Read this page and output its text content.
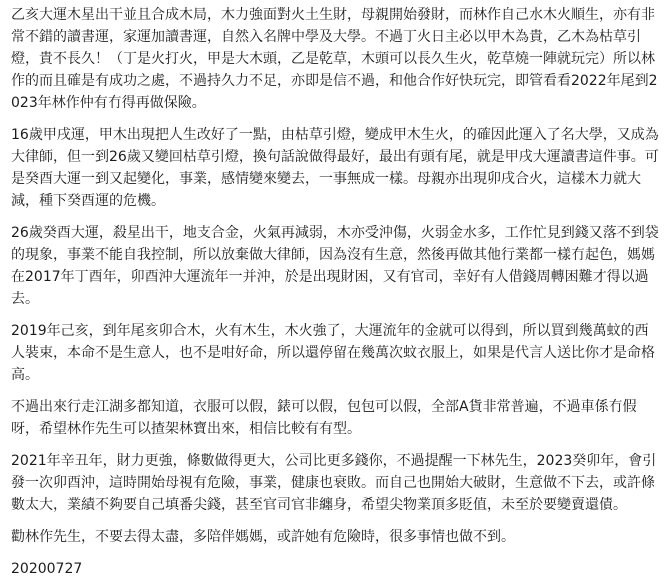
乙亥大運木星出干並且合成木局，木力強面對火土生財，母親開始發財，而林作自己水木火順生，亦有非常不錯的讀書運，家運加讀書運，自然入名牌中學及大學。不過丁火日主必以甲木為貴，乙木為枯草引燈，貴不長久！（丁是火打火，甲是大木頭，乙是乾草，木頭可以長久生火，乾草燒一陣就玩完）所以林作的而且確是有成功之處，不過持久力不足，亦即是信不過，和他合作好快玩完，即管看看2022年尾到2023年林作仲有冇得再做保險。

16歲甲戌運，甲木出現把人生改好了一點，由枯草引燈，變成甲木生火，的確因此運入了名大學，又成為大律師，但一到26歲又變回枯草引燈，換句話說做得最好，最出有頭有尾，就是甲戌大運讀書這件事。可是癸酉大運一到又起變化，事業，感情變來變去，一事無成一樣。母親亦出現卯戌合火，這樣木力就大減，種下癸酉運的危機。

26歲癸酉大運，殺星出干，地支合金，火氣再減弱，木亦受沖傷，火弱金水多，工作忙見到錢又落不到袋的現象，事業不能自我控制，所以放棄做大律師，因為沒有生意，然後再做其他行業都一樣冇起色，媽媽在2017年丁酉年，卯酉沖大運流年一并沖，於是出現財困，又有官司，幸好有人借錢周轉困難才得以過去。

2019年己亥，到年尾亥卯合木，火有木生，木火強了，大運流年的金就可以得到，所以買到幾萬蚊的西人裝束，本命不是生意人，也不是咁好命，所以還停留在幾萬次蚊衣服上，如果是代言人送比你才是命格高。

不過出來行走江湖多都知道，衣服可以假，錶可以假，包包可以假，全部A貨非常普遍，不過車係冇假呀，希望林作先生可以揸架林寶出來，相信比較有有型。

2021年辛丑年，財力更強，條數做得更大，公司比更多錢你，不過提醒一下林先生，2023癸卯年，會引發一次卯酉沖，這時開始母視有危險，事業，健康也衰敗。而自己也開始大破財，生意做不下去，或許條數太大，業績不夠要自己填番尖錢，甚至官司官非纏身，希望尖物業頂多貶值，未至於要變賣還債。

勸林作先生，不要去得太盡，多陪伴媽媽，或許她有危險時，很多事情也做不到。

20200727
